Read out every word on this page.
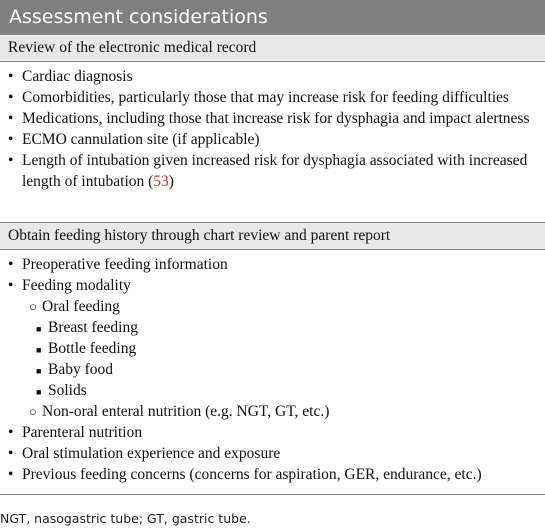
Assessment considerations
Review of the electronic medical record
• Cardiac diagnosis
• Comorbidities, particularly those that may increase risk for feeding difficulties
• Medications, including those that increase risk for dysphagia and impact alertness
• ECMO cannulation site (if applicable)
• Length of intubation given increased risk for dysphagia associated with increased
length of intubation (53)
Obtain feeding history through chart review and parent report
• Preoperative feeding information
• Feeding modality
○ Oral feeding
■ Breast feeding
■ Bottle feeding
■ Baby food
■ Solids
○ Non-oral enteral nutrition (e.g. NGT, GT, etc.)
• Parenteral nutrition
• Oral stimulation experience and exposure
• Previous feeding concerns (concerns for aspiration, GER, endurance, etc.)
NGT, nasogastric tube; GT, gastric tube.
